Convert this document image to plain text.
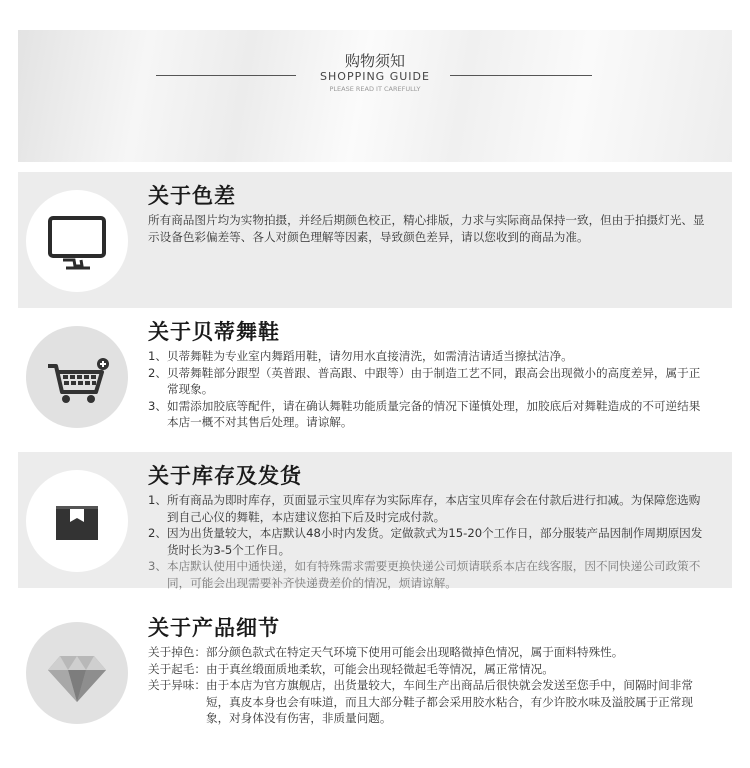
购物须知
SHOPPING GUIDE
PLEASE READ IT CAREFULLY
关于色差
所有商品图片均为实物拍摄，并经后期颜色校正，精心排版，力求与实际商品保持一致，但由于拍摄灯光、显示设备色彩偏差等、各人对颜色理解等因素，导致颜色差异，请以您收到的商品为准。
关于贝蒂舞鞋
1、 贝蒂舞鞋为专业室内舞蹈用鞋，请勿用水直接清洗，如需清洁请适当擦拭洁净。
2、 贝蒂舞鞋部分跟型（英普跟、普高跟、中跟等）由于制造工艺不同，跟高会出现微小的高度差异，属于正常现象。
3、 如需添加胶底等配件，请在确认舞鞋功能质量完备的情况下谨慎处理，加胶底后对舞鞋造成的不可逆结果本店一概不对其售后处理。请谅解。
关于库存及发货
1、 所有商品为即时库存，页面显示宝贝库存为实际库存，本店宝贝库存会在付款后进行扣减。为保障您选购到自己心仪的舞鞋，本店建议您拍下后及时完成付款。
2、 因为出货量较大，本店默认48小时内发货。定做款式为15-20个工作日，部分服装产品因制作周期原因发货时长为3-5个工作日。
3、 本店默认使用中通快递，如有特殊需求需要更换快递公司烦请联系本店在线客服，因不同快递公司政策不同，可能会出现需要补齐快递费差价的情况，烦请谅解。
关于产品细节
关于掉色： 部分颜色款式在特定天气环境下使用可能会出现略微掉色情况，属于面料特殊性。
关于起毛： 由于真丝缎面质地柔软，可能会出现轻微起毛等情况，属正常情况。
关于异味： 由于本店为官方旗舰店，出货量较大，车间生产出商品后很快就会发送至您手中，间隔时间非常短，真皮本身也会有味道，而且大部分鞋子都会采用胶水粘合，有少许胶水味及溢胶属于正常现象，对身体没有伤害，非质量问题。
